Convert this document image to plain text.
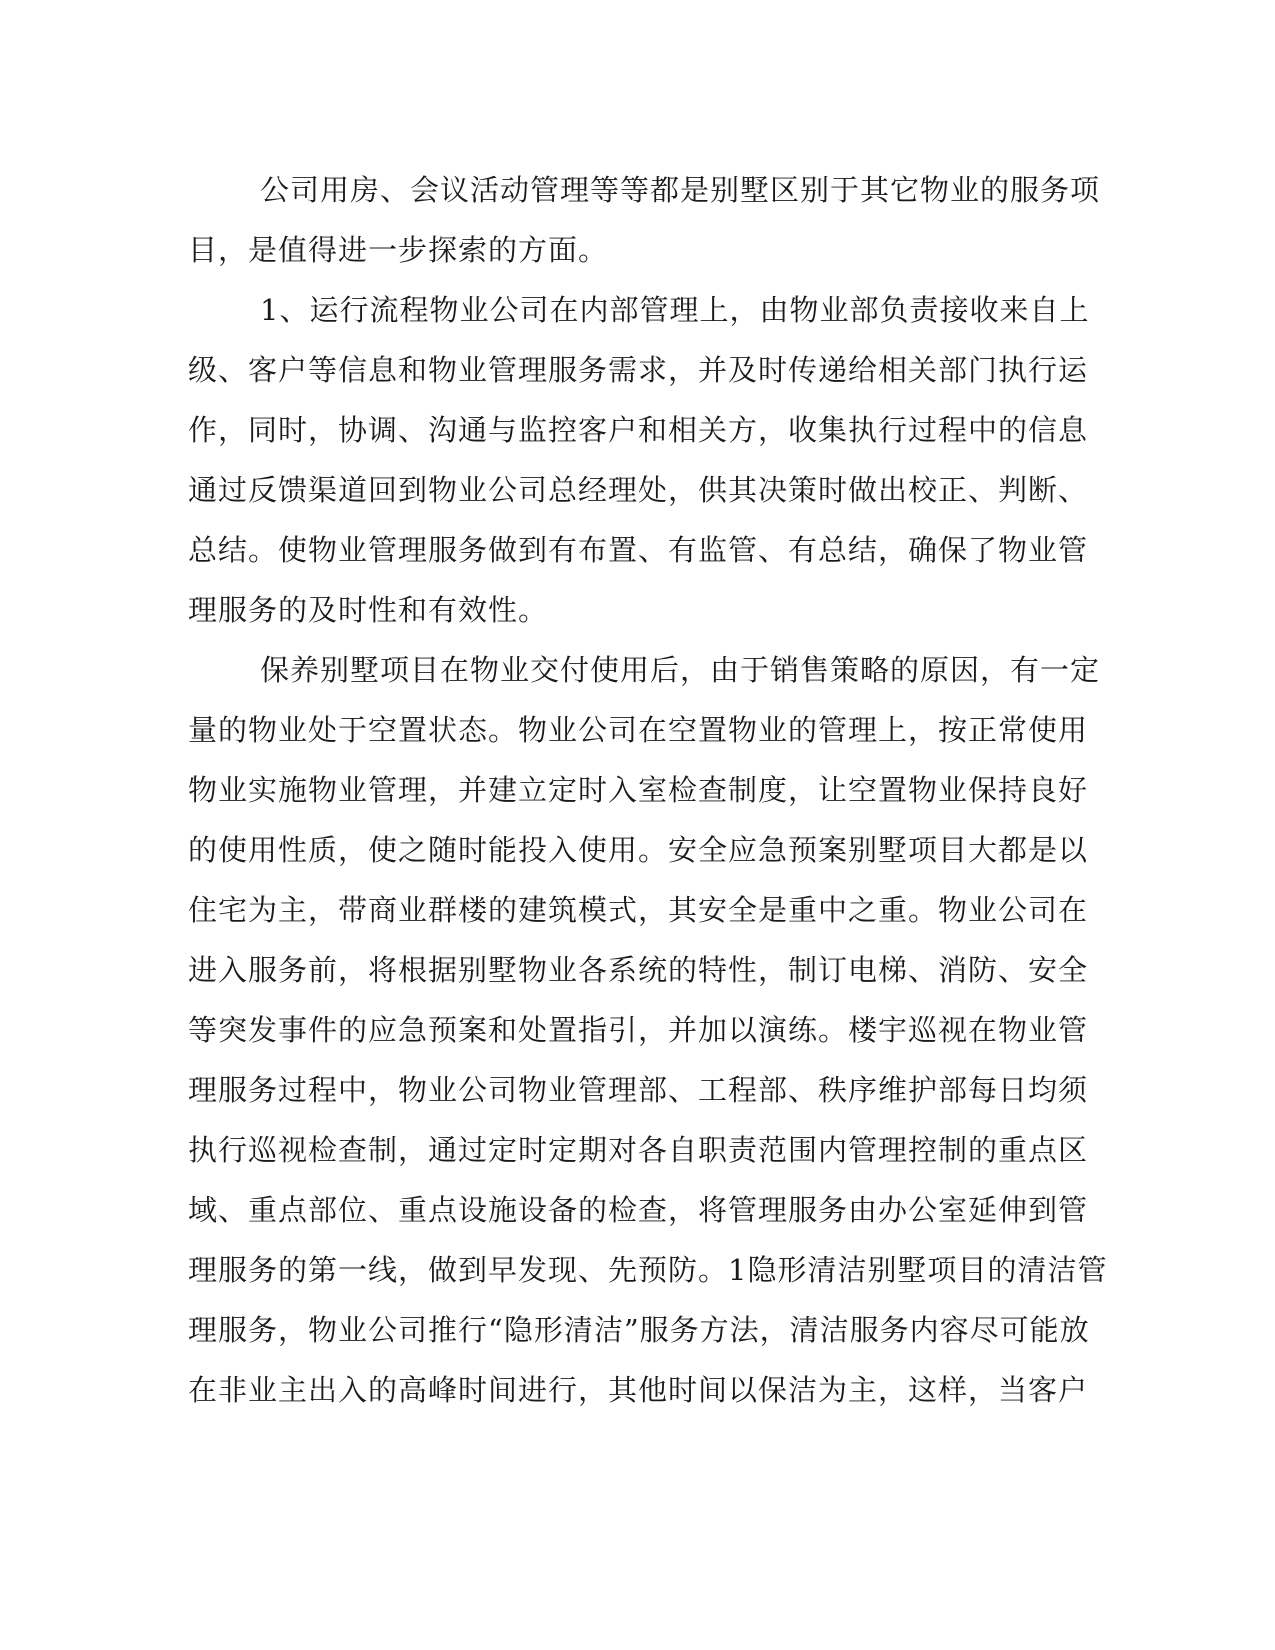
公司用房、会议活动管理等等都是别墅区别于其它物业的服务项
目，是值得进一步探索的方面。
1、运行流程物业公司在内部管理上，由物业部负责接收来自上
级、客户等信息和物业管理服务需求，并及时传递给相关部门执行运
作，同时，协调、沟通与监控客户和相关方，收集执行过程中的信息
通过反馈渠道回到物业公司总经理处，供其决策时做出校正、判断、
总结。使物业管理服务做到有布置、有监管、有总结，确保了物业管
理服务的及时性和有效性。
保养别墅项目在物业交付使用后，由于销售策略的原因，有一定
量的物业处于空置状态。物业公司在空置物业的管理上，按正常使用
物业实施物业管理，并建立定时入室检查制度，让空置物业保持良好
的使用性质，使之随时能投入使用。安全应急预案别墅项目大都是以
住宅为主，带商业群楼的建筑模式，其安全是重中之重。物业公司在
进入服务前，将根据别墅物业各系统的特性，制订电梯、消防、安全
等突发事件的应急预案和处置指引，并加以演练。楼宇巡视在物业管
理服务过程中，物业公司物业管理部、工程部、秩序维护部每日均须
执行巡视检查制，通过定时定期对各自职责范围内管理控制的重点区
域、重点部位、重点设施设备的检查，将管理服务由办公室延伸到管
理服务的第一线，做到早发现、先预防。1隐形清洁别墅项目的清洁管
理服务，物业公司推行“隐形清洁”服务方法，清洁服务内容尽可能放
在非业主出入的高峰时间进行，其他时间以保洁为主，这样，当客户
